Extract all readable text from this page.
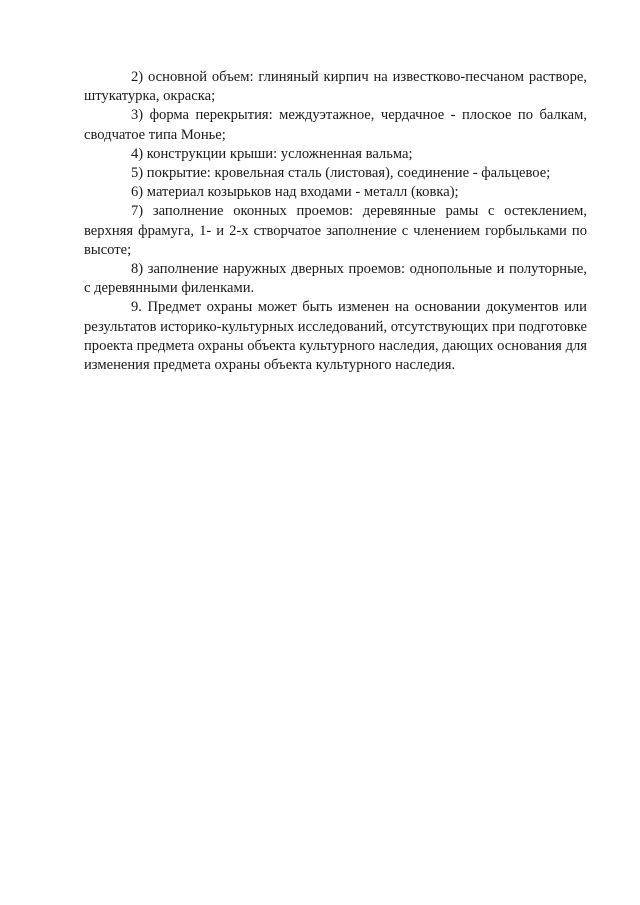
2) основной объем: глиняный кирпич на известково-песчаном растворе, штукатурка, окраска;

3) форма перекрытия: междуэтажное, чердачное - плоское по балкам, сводчатое типа Монье;

4) конструкции крыши: усложненная вальма;

5) покрытие: кровельная сталь (листовая), соединение - фальцевое;

6) материал козырьков над входами - металл (ковка);

7) заполнение оконных проемов: деревянные рамы с остеклением, верхняя фрамуга, 1- и 2-х створчатое заполнение с членением горбыльками по высоте;

8) заполнение наружных дверных проемов: однопольные и полуторные, с деревянными филенками.

9. Предмет охраны может быть изменен на основании документов или результатов историко-культурных исследований, отсутствующих при подготовке проекта предмета охраны объекта культурного наследия, дающих основания для изменения предмета охраны объекта культурного наследия.
